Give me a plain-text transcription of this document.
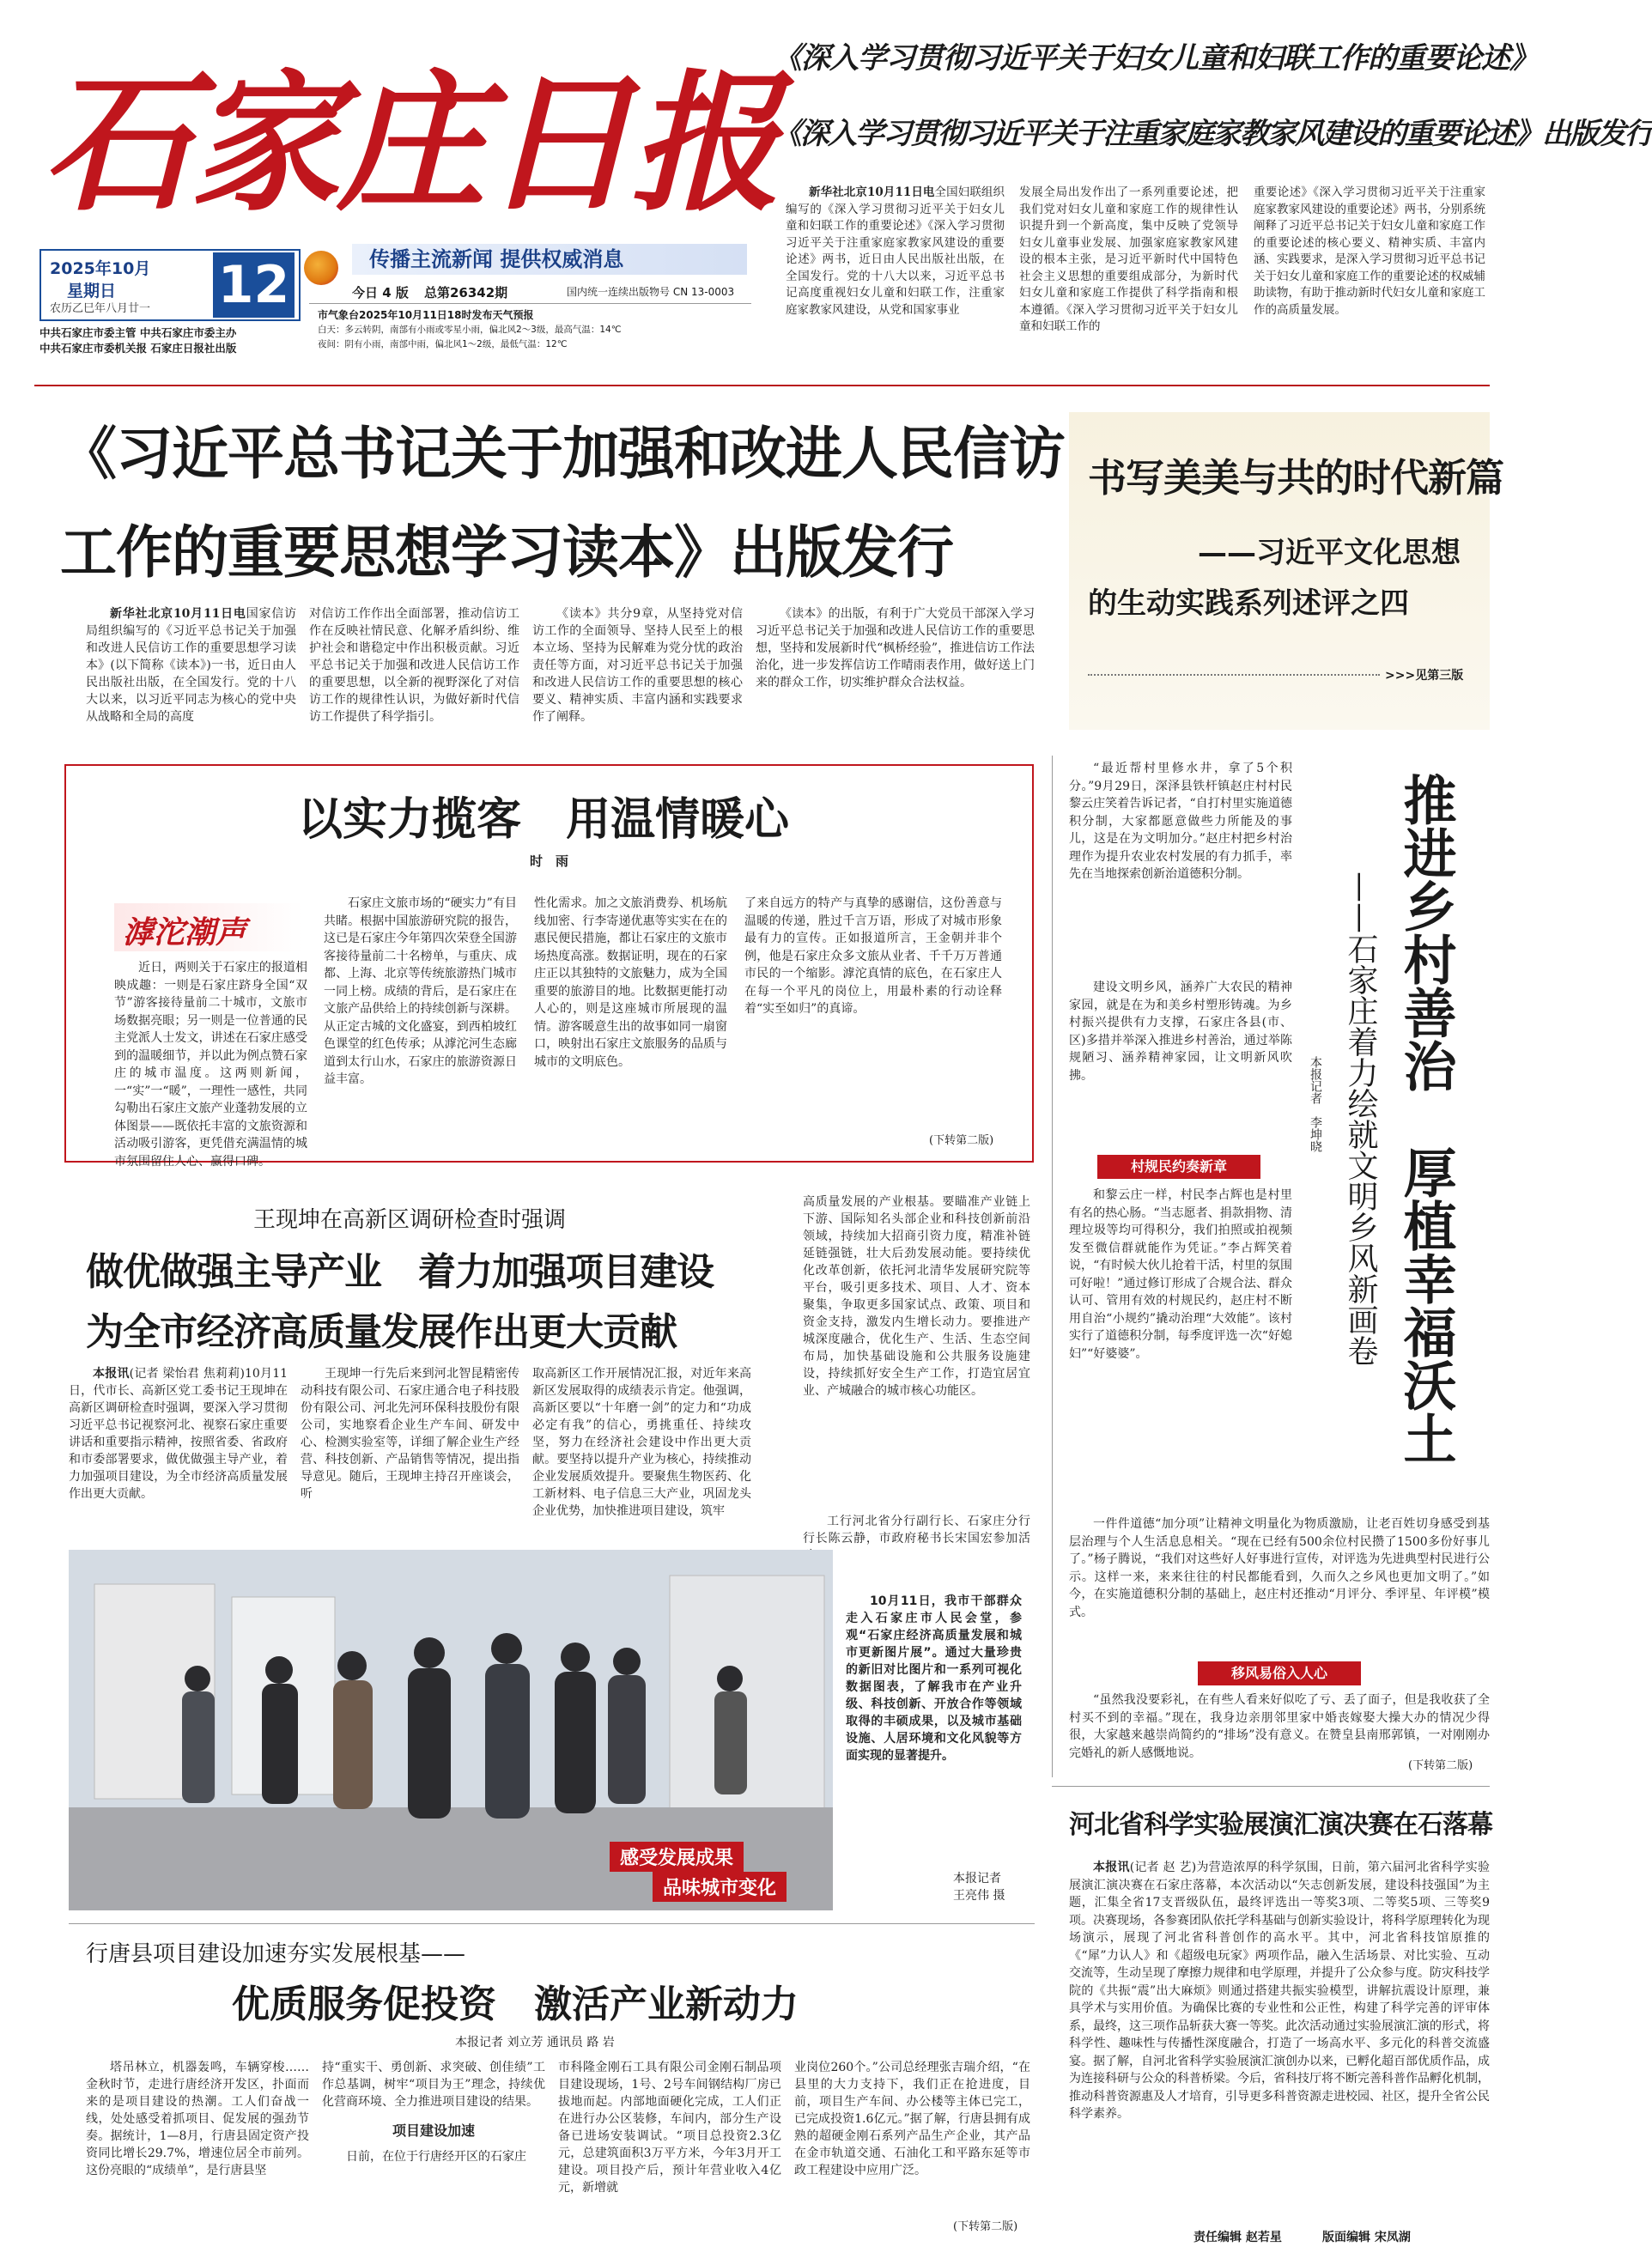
石家庄日报
2025年10月
星期日
农历乙巳年八月廿一 12
中共石家庄市委主管 中共石家庄市委主办
中共石家庄市委机关报 石家庄日报社出版
传播主流新闻 提供权威消息
今日 4 版 总第26342期	国内统一连续出版物号 CN 13-0003
市气象台2025年10月11日18时发布天气预报
白天：多云转阴，南部有小雨或零星小雨，偏北风2～3级，最高气温：14℃
夜间：阴有小雨，南部中雨，偏北风1～2级，最低气温：12℃
《深入学习贯彻习近平关于妇女儿童和妇联工作的重要论述》
《深入学习贯彻习近平关于注重家庭家教家风建设的重要论述》出版发行

新华社北京10月11日电全国妇联组织编写的《深入学习贯彻习近平关于妇女儿童和妇联工作的重要论述》《深入学习贯彻习近平关于注重家庭家教家风建设的重要论述》两书，近日由人民出版社出版，在全国发行。党的十八大以来，习近平总书记高度重视妇女儿童和妇联工作，注重家庭家教家风建设，从党和国家事业

发展全局出发作出了一系列重要论述，把我们党对妇女儿童和家庭工作的规律性认识提升到一个新高度，集中反映了党领导妇女儿童事业发展、加强家庭家教家风建设的根本主张，是习近平新时代中国特色社会主义思想的重要组成部分，为新时代妇女儿童和家庭工作提供了科学指南和根本遵循。《深入学习贯彻习近平关于妇女儿童和妇联工作的

重要论述》《深入学习贯彻习近平关于注重家庭家教家风建设的重要论述》两书，分别系统阐释了习近平总书记关于妇女儿童和家庭工作的重要论述的核心要义、精神实质、丰富内涵、实践要求，是深入学习贯彻习近平总书记关于妇女儿童和家庭工作的重要论述的权威辅助读物，有助于推动新时代妇女儿童和家庭工作的高质量发展。

《习近平总书记关于加强和改进人民信访
工作的重要思想学习读本》出版发行

新华社北京10月11日电国家信访局组织编写的《习近平总书记关于加强和改进人民信访工作的重要思想学习读本》(以下简称《读本》)一书，近日由人民出版社出版，在全国发行。党的十八大以来，以习近平同志为核心的党中央从战略和全局的高度

对信访工作作出全面部署，推动信访工作在反映社情民意、化解矛盾纠纷、维护社会和谐稳定中作出积极贡献。习近平总书记关于加强和改进人民信访工作的重要思想，以全新的视野深化了对信访工作的规律性认识，为做好新时代信访工作提供了科学指引。

《读本》共分9章，从坚持党对信访工作的全面领导、坚持人民至上的根本立场、坚持为民解难为党分忧的政治责任等方面，对习近平总书记关于加强和改进人民信访工作的重要思想的核心要义、精神实质、丰富内涵和实践要求作了阐释。

《读本》的出版，有利于广大党员干部深入学习习近平总书记关于加强和改进人民信访工作的重要思想，坚持和发展新时代“枫桥经验”，推进信访工作法治化，进一步发挥信访工作晴雨表作用，做好送上门来的群众工作，切实维护群众合法权益。

书写美美与共的时代新篇
——习近平文化思想
的生动实践系列述评之四
>>>见第三版
以实力揽客　用温情暖心
时　雨
滹沱潮声

近日，两则关于石家庄的报道相映成趣：一则是石家庄跻身全国“双节”游客接待量前二十城市，文旅市场数据亮眼；另一则是一位普通的民主党派人士发文，讲述在石家庄感受到的温暖细节，并以此为例点赞石家庄的城市温度。这两则新闻，一“实”一“暖”，一理性一感性，共同勾勒出石家庄文旅产业蓬勃发展的立体图景——既依托丰富的文旅资源和活动吸引游客，更凭借充满温情的城市氛围留住人心、赢得口碑。

石家庄文旅市场的“硬实力”有目共睹。根据中国旅游研究院的报告，这已是石家庄今年第四次荣登全国游客接待量前二十名榜单，与重庆、成都、上海、北京等传统旅游热门城市一同上榜。成绩的背后，是石家庄在文旅产品供给上的持续创新与深耕。从正定古城的文化盛宴，到西柏坡红色课堂的红色传承；从滹沱河生态廊道到太行山水，石家庄的旅游资源日益丰富。

性化需求。加之文旅消费券、机场航线加密、行李寄递优惠等实实在在的惠民便民措施，都让石家庄的文旅市场热度高涨。数据证明，现在的石家庄正以其独特的文旅魅力，成为全国重要的旅游目的地。比数据更能打动人心的，则是这座城市所展现的温情。游客暖意生出的故事如同一扇窗口，映射出石家庄文旅服务的品质与城市的文明底色。

了来自远方的特产与真挚的感谢信，这份善意与温暖的传递，胜过千言万语，形成了对城市形象最有力的宣传。正如报道所言，王金朝并非个例，他是石家庄众多文旅从业者、千千万万普通市民的一个缩影。滹沱真情的底色，在石家庄人在每一个平凡的岗位上，用最朴素的行动诠释着“实至如归”的真谛。

(下转第二版)

“最近帮村里修水井，拿了5个积分。”9月29日，深泽县铁杆镇赵庄村村民黎云庄笑着告诉记者，“自打村里实施道德积分制，大家都愿意做些力所能及的事儿，这是在为文明加分。”赵庄村把乡村治理作为提升农业农村发展的有力抓手，率先在当地探索创新治道德积分制。

建设文明乡风，涵养广大农民的精神家园，就是在为和美乡村塑形铸魂。为乡村振兴提供有力支撑，石家庄各县(市、区)多措并举深入推进乡村善治，通过举陈规陋习、涵养精神家园，让文明新风吹拂。

村规民约奏新章

和黎云庄一样，村民李占辉也是村里有名的热心肠。“当志愿者、捐款捐物、清理垃圾等均可得积分，我们拍照或拍视频发至微信群就能作为凭证。”李占辉笑着说，“有时候大伙儿抢着干活，村里的氛围可好啦！”通过修订形成了合规合法、群众认可、管用有效的村规民约，赵庄村不断用自治“小规约”撬动治理“大效能”。该村实行了道德积分制，每季度评选一次“好媳妇”“好婆婆”。	推进乡村善治　厚植幸福沃土
——石家庄着力绘就文明乡风新画卷
本报记者　李坤晓

一件件道德“加分项”让精神文明量化为物质激励，让老百姓切身感受到基层治理与个人生活息息相关。“现在已经有500余位村民攒了1500多份好事儿了。”杨子腾说，“我们对这些好人好事进行宣传，对评选为先进典型村民进行公示。这样一来，来来往往的村民都能看到，久而久之乡风也更加文明了。”如今，在实施道德积分制的基础上，赵庄村还推动“月评分、季评星、年评模”模式。

移风易俗入人心

“虽然我没要彩礼，在有些人看来好似吃了亏、丢了面子，但是我收获了全村买不到的幸福。”现在，我身边亲朋邻里家中婚丧嫁娶大操大办的情况少得很，大家越来越崇尚简约的“排场”没有意义。在赞皇县南邢郭镇，一对刚刚办完婚礼的新人感慨地说。

(下转第二版)
王现坤在高新区调研检查时强调
做优做强主导产业　着力加强项目建设
为全市经济高质量发展作出更大贡献

本报讯(记者 梁怡君 焦莉莉)10月11日，代市长、高新区党工委书记王现坤在高新区调研检查时强调，要深入学习贯彻习近平总书记视察河北、视察石家庄重要讲话和重要指示精神，按照省委、省政府和市委部署要求，做优做强主导产业，着力加强项目建设，为全市经济高质量发展作出更大贡献。

王现坤一行先后来到河北智昆精密传动科技有限公司、石家庄通合电子科技股份有限公司、河北先河环保科技股份有限公司，实地察看企业生产车间、研发中心、检测实验室等，详细了解企业生产经营、科技创新、产品销售等情况，提出指导意见。随后，王现坤主持召开座谈会，听

取高新区工作开展情况汇报，对近年来高新区发展取得的成绩表示肯定。他强调，高新区要以“十年磨一剑”的定力和“功成必定有我”的信心，勇挑重任、持续攻坚，努力在经济社会建设中作出更大贡献。要坚持以提升产业为核心，持续推动企业发展质效提升。要聚焦生物医药、化工新材料、电子信息三大产业，巩固龙头企业优势，加快推进项目建设，筑牢

高质量发展的产业根基。要瞄准产业链上下游、国际知名头部企业和科技创新前沿领域，持续加大招商引资力度，精准补链延链强链，壮大后劲发展动能。要持续优化改革创新，依托河北清华发展研究院等平台，吸引更多技术、项目、人才、资本聚集，争取更多国家试点、政策、项目和资金支持，激发内生增长动力。要推进产城深度融合，优化生产、生活、生态空间布局，加快基础设施和公共服务设施建设，持续抓好安全生产工作，打造宜居宜业、产城融合的城市核心功能区。

工行河北省分行副行长、石家庄分行行长陈云静，市政府秘书长宋国宏参加活

感受发展成果
品味城市变化

10月11日，我市干部群众走入石家庄市人民会堂，参观“石家庄经济高质量发展和城市更新图片展”。通过大量珍贵的新旧对比图片和一系列可视化数据图表，了解我市在产业升级、科技创新、开放合作等领域取得的丰硕成果，以及城市基础设施、人居环境和文化风貌等方面实现的显著提升。

本报记者
王亮伟 摄
行唐县项目建设加速夯实发展根基——
优质服务促投资　激活产业新动力
本报记者 刘立芳 通讯员 路 岩

塔吊林立，机器轰鸣，车辆穿梭……金秋时节，走进行唐经济开发区，扑面而来的是项目建设的热潮。工人们奋战一线，处处感受着抓项目、促发展的强劲节奏。据统计，1—8月，行唐县固定资产投资同比增长29.7%，增速位居全市前列。这份亮眼的“成绩单”，是行唐县坚

持“重实干、勇创新、求突破、创佳绩”工作总基调，树牢“项目为王”理念，持续优化营商环境、全力推进项目建设的结果。

项目建设加速

日前，在位于行唐经开区的石家庄

市科隆金刚石工具有限公司金刚石制品项目建设现场，1号、2号车间钢结构厂房已拔地而起。内部地面硬化完成，工人们正在进行办公区装修，车间内，部分生产设备已进场安装调试。“项目总投资2.3亿元，总建筑面积3万平方米，今年3月开工建设。项目投产后，预计年营业收入4亿元，新增就

业岗位260个。”公司总经理张吉瑞介绍，“在县里的大力支持下，我们正在抢进度，目前，项目生产车间、办公楼等主体已完工，已完成投资1.6亿元。”据了解，行唐县拥有成熟的超硬金刚石系列产品生产企业，其产品在金市轨道交通、石油化工和平路东延等市政工程建设中应用广泛。

(下转第二版)
河北省科学实验展演汇演决赛在石落幕

本报讯(记者 赵 艺)为营造浓厚的科学氛围，日前，第六届河北省科学实验展演汇演决赛在石家庄落幕，本次活动以“矢志创新发展，建设科技强国”为主题，汇集全省17支晋级队伍，最终评选出一等奖3项、二等奖5项、三等奖9项。决赛现场，各参赛团队依托学科基础与创新实验设计，将科学原理转化为现场演示，展现了河北省科普创作的高水平。其中，河北省科技馆原推的《“犀”力认人》和《超级电玩家》两项作品，融入生活场景、对比实验、互动交流等，生动呈现了摩擦力规律和电学原理，并提升了公众参与度。防灾科技学院的《共振“震”出大麻烦》则通过搭建共振实验模型，讲解抗震设计原理，兼具学术与实用价值。为确保比赛的专业性和公正性，构建了科学完善的评审体系，最终，这三项作品斩获大赛一等奖。此次活动通过实验展演汇演的形式，将科学性、趣味性与传播性深度融合，打造了一场高水平、多元化的科普交流盛宴。据了解，自河北省科学实验展演汇演创办以来，已孵化超百部优质作品，成为连接科研与公众的科普桥梁。今后，省科技厅将不断完善科普作品孵化机制，推动科普资源惠及人才培育，引导更多科普资源走进校园、社区，提升全省公民科学素养。

责任编辑 赵若星	版面编辑 宋凤湖
